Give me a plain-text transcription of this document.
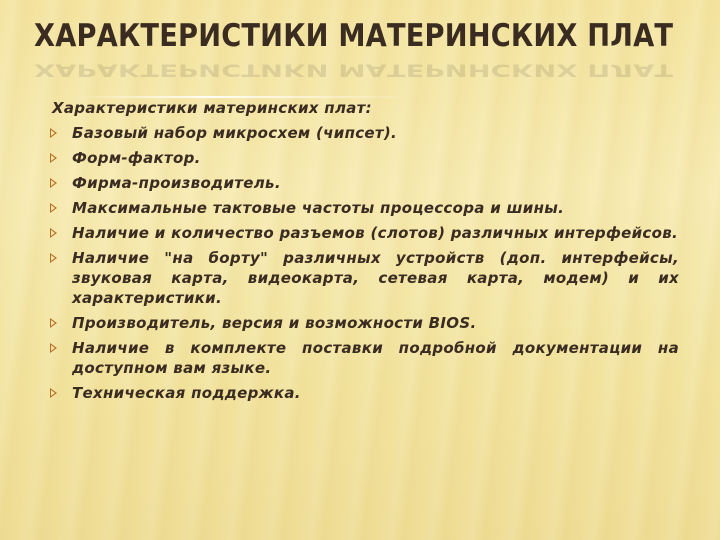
ХАРАКТЕРИСТИКИ МАТЕРИНСКИХ ПЛАТ
ХАРАКТЕРИСТИКИ МАТЕРИНСКИХ ПЛАТ

Характеристики материнских плат:

Базовый набор микросхем (чипсет).
Форм-фактор.
Фирма-производитель.
Максимальные тактовые частоты процессора и шины.
Наличие и количество разъемов (слотов) различных интерфейсов.
Наличие "на борту" различных устройств (доп. интерфейсы, звуковая карта, видеокарта, сетевая карта, модем) и их характеристики.
Производитель, версия и возможности BIOS.
Наличие в комплекте поставки подробной документации на доступном вам языке.
Техническая поддержка.
